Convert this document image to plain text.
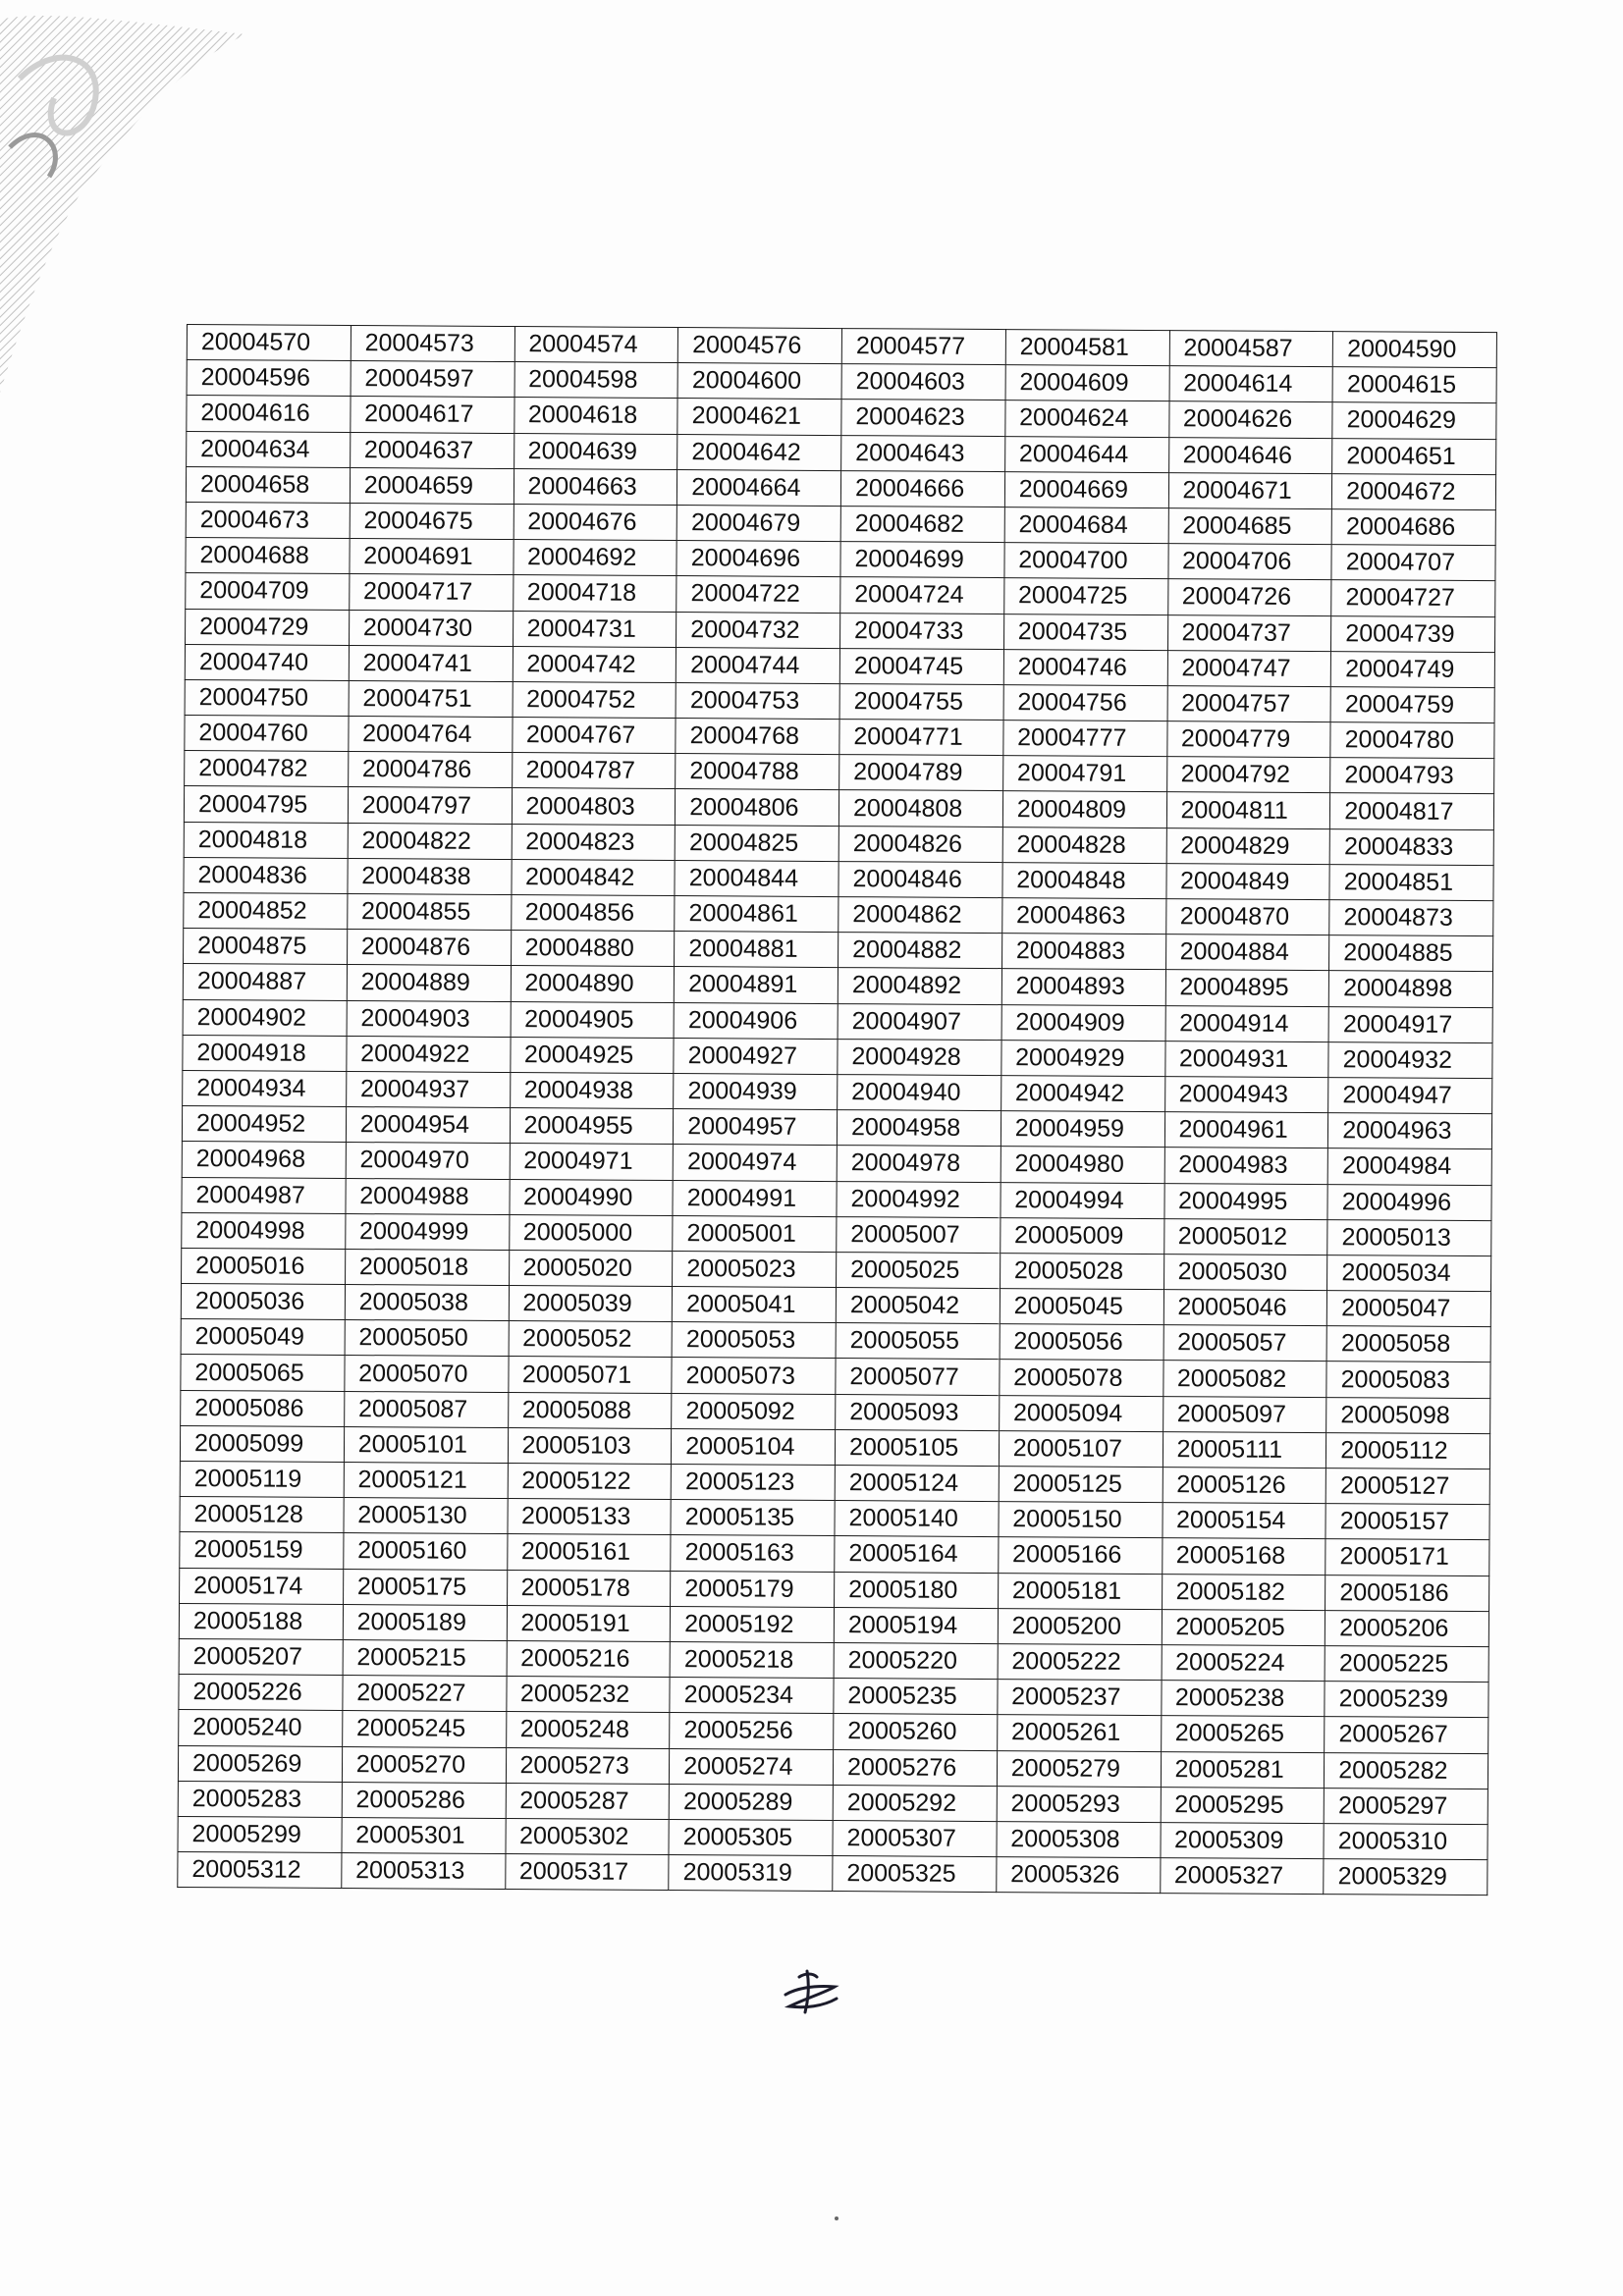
20004570	20004573	20004574	20004576	20004577	20004581	20004587	20004590
20004596	20004597	20004598	20004600	20004603	20004609	20004614	20004615
20004616	20004617	20004618	20004621	20004623	20004624	20004626	20004629
20004634	20004637	20004639	20004642	20004643	20004644	20004646	20004651
20004658	20004659	20004663	20004664	20004666	20004669	20004671	20004672
20004673	20004675	20004676	20004679	20004682	20004684	20004685	20004686
20004688	20004691	20004692	20004696	20004699	20004700	20004706	20004707
20004709	20004717	20004718	20004722	20004724	20004725	20004726	20004727
20004729	20004730	20004731	20004732	20004733	20004735	20004737	20004739
20004740	20004741	20004742	20004744	20004745	20004746	20004747	20004749
20004750	20004751	20004752	20004753	20004755	20004756	20004757	20004759
20004760	20004764	20004767	20004768	20004771	20004777	20004779	20004780
20004782	20004786	20004787	20004788	20004789	20004791	20004792	20004793
20004795	20004797	20004803	20004806	20004808	20004809	20004811	20004817
20004818	20004822	20004823	20004825	20004826	20004828	20004829	20004833
20004836	20004838	20004842	20004844	20004846	20004848	20004849	20004851
20004852	20004855	20004856	20004861	20004862	20004863	20004870	20004873
20004875	20004876	20004880	20004881	20004882	20004883	20004884	20004885
20004887	20004889	20004890	20004891	20004892	20004893	20004895	20004898
20004902	20004903	20004905	20004906	20004907	20004909	20004914	20004917
20004918	20004922	20004925	20004927	20004928	20004929	20004931	20004932
20004934	20004937	20004938	20004939	20004940	20004942	20004943	20004947
20004952	20004954	20004955	20004957	20004958	20004959	20004961	20004963
20004968	20004970	20004971	20004974	20004978	20004980	20004983	20004984
20004987	20004988	20004990	20004991	20004992	20004994	20004995	20004996
20004998	20004999	20005000	20005001	20005007	20005009	20005012	20005013
20005016	20005018	20005020	20005023	20005025	20005028	20005030	20005034
20005036	20005038	20005039	20005041	20005042	20005045	20005046	20005047
20005049	20005050	20005052	20005053	20005055	20005056	20005057	20005058
20005065	20005070	20005071	20005073	20005077	20005078	20005082	20005083
20005086	20005087	20005088	20005092	20005093	20005094	20005097	20005098
20005099	20005101	20005103	20005104	20005105	20005107	20005111	20005112
20005119	20005121	20005122	20005123	20005124	20005125	20005126	20005127
20005128	20005130	20005133	20005135	20005140	20005150	20005154	20005157
20005159	20005160	20005161	20005163	20005164	20005166	20005168	20005171
20005174	20005175	20005178	20005179	20005180	20005181	20005182	20005186
20005188	20005189	20005191	20005192	20005194	20005200	20005205	20005206
20005207	20005215	20005216	20005218	20005220	20005222	20005224	20005225
20005226	20005227	20005232	20005234	20005235	20005237	20005238	20005239
20005240	20005245	20005248	20005256	20005260	20005261	20005265	20005267
20005269	20005270	20005273	20005274	20005276	20005279	20005281	20005282
20005283	20005286	20005287	20005289	20005292	20005293	20005295	20005297
20005299	20005301	20005302	20005305	20005307	20005308	20005309	20005310
20005312	20005313	20005317	20005319	20005325	20005326	20005327	20005329
